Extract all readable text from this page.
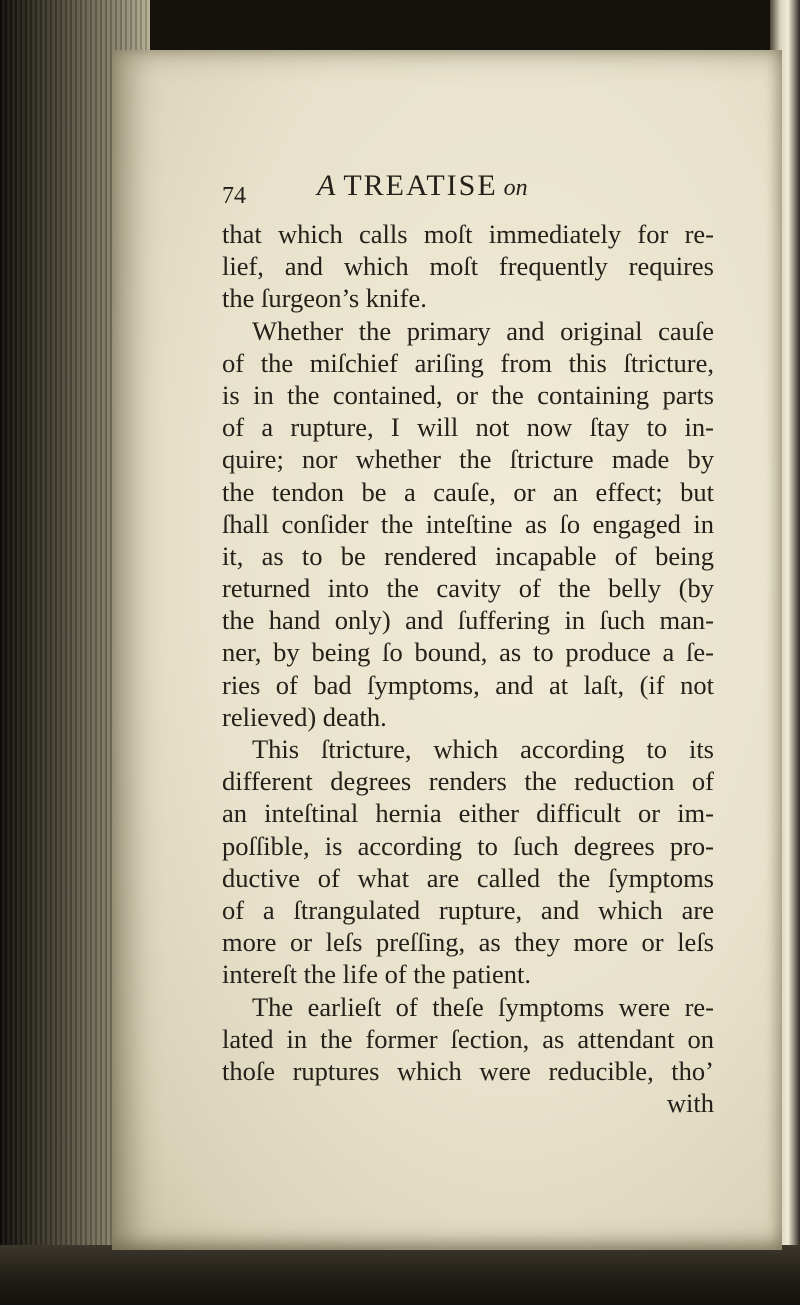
74 A TREATISE on
that which calls moſt immediately for re-
lief, and which moſt frequently requires
the ſurgeon’s knife.
Whether the primary and original cauſe
of the miſchief ariſing from this ſtricture,
is in the contained, or the containing parts
of a rupture, I will not now ſtay to in-
quire; nor whether the ſtricture made by
the tendon be a cauſe, or an effect; but
ſhall conſider the inteſtine as ſo engaged in
it, as to be rendered incapable of being
returned into the cavity of the belly (by
the hand only) and ſuffering in ſuch man-
ner, by being ſo bound, as to produce a ſe-
ries of bad ſymptoms, and at laſt, (if not
relieved) death.
This ſtricture, which according to its
different degrees renders the reduction of
an inteſtinal hernia either difficult or im-
poſſible, is according to ſuch degrees pro-
ductive of what are called the ſymptoms
of a ſtrangulated rupture, and which are
more or leſs preſſing, as they more or leſs
intereſt the life of the patient.
The earlieſt of theſe ſymptoms were re-
lated in the former ſection, as attendant on
thoſe ruptures which were reducible, tho’
with
